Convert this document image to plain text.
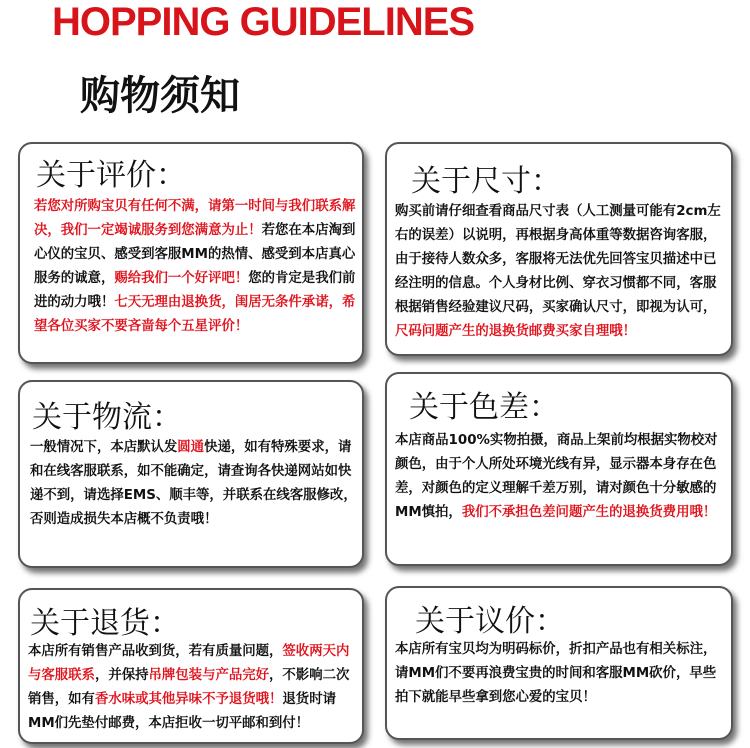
HOPPING GUIDELINES
购物须知
关于评价：
若您对所购宝贝有任何不满，请第一时间与我们联系解决，我们一定竭诚服务到您满意为止！若您在本店淘到心仪的宝贝、感受到客服MM的热情、感受到本店真心服务的诚意，赐给我们一个好评吧！您的肯定是我们前进的动力哦！七天无理由退换货，闺居无条件承诺，希望各位买家不要吝啬每个五星评价！
关于尺寸：
购买前请仔细查看商品尺寸表（人工测量可能有2cm左右的误差）以说明，再根据身高体重等数据咨询客服，由于接待人数众多，客服将无法优先回答宝贝描述中已经注明的信息。个人身材比例、穿衣习惯都不同，客服根据销售经验建议尺码，买家确认尺寸，即视为认可，尺码问题产生的退换货邮费买家自理哦！
关于物流：
一般情况下，本店默认发圆通快递，如有特殊要求，请和在线客服联系，如不能确定，请查询各快递网站如快递不到，请选择EMS、顺丰等，并联系在线客服修改，否则造成损失本店概不负责哦！
关于色差：
本店商品100%实物拍摄，商品上架前均根据实物校对颜色，由于个人所处环境光线有异，显示器本身存在色差，对颜色的定义理解千差万别，请对颜色十分敏感的MM慎拍，我们不承担色差问题产生的退换货费用哦！
关于退货：
本店所有销售产品收到货，若有质量问题，签收两天内与客服联系，并保持吊牌包装与产品完好，不影响二次销售，如有香水味或其他异味不予退货哦！退货时请MM们先垫付邮费，本店拒收一切平邮和到付！
关于议价：
本店所有宝贝均为明码标价，折扣产品也有相关标注，请MM们不要再浪费宝贵的时间和客服MM砍价，早些拍下就能早些拿到您心爱的宝贝！
